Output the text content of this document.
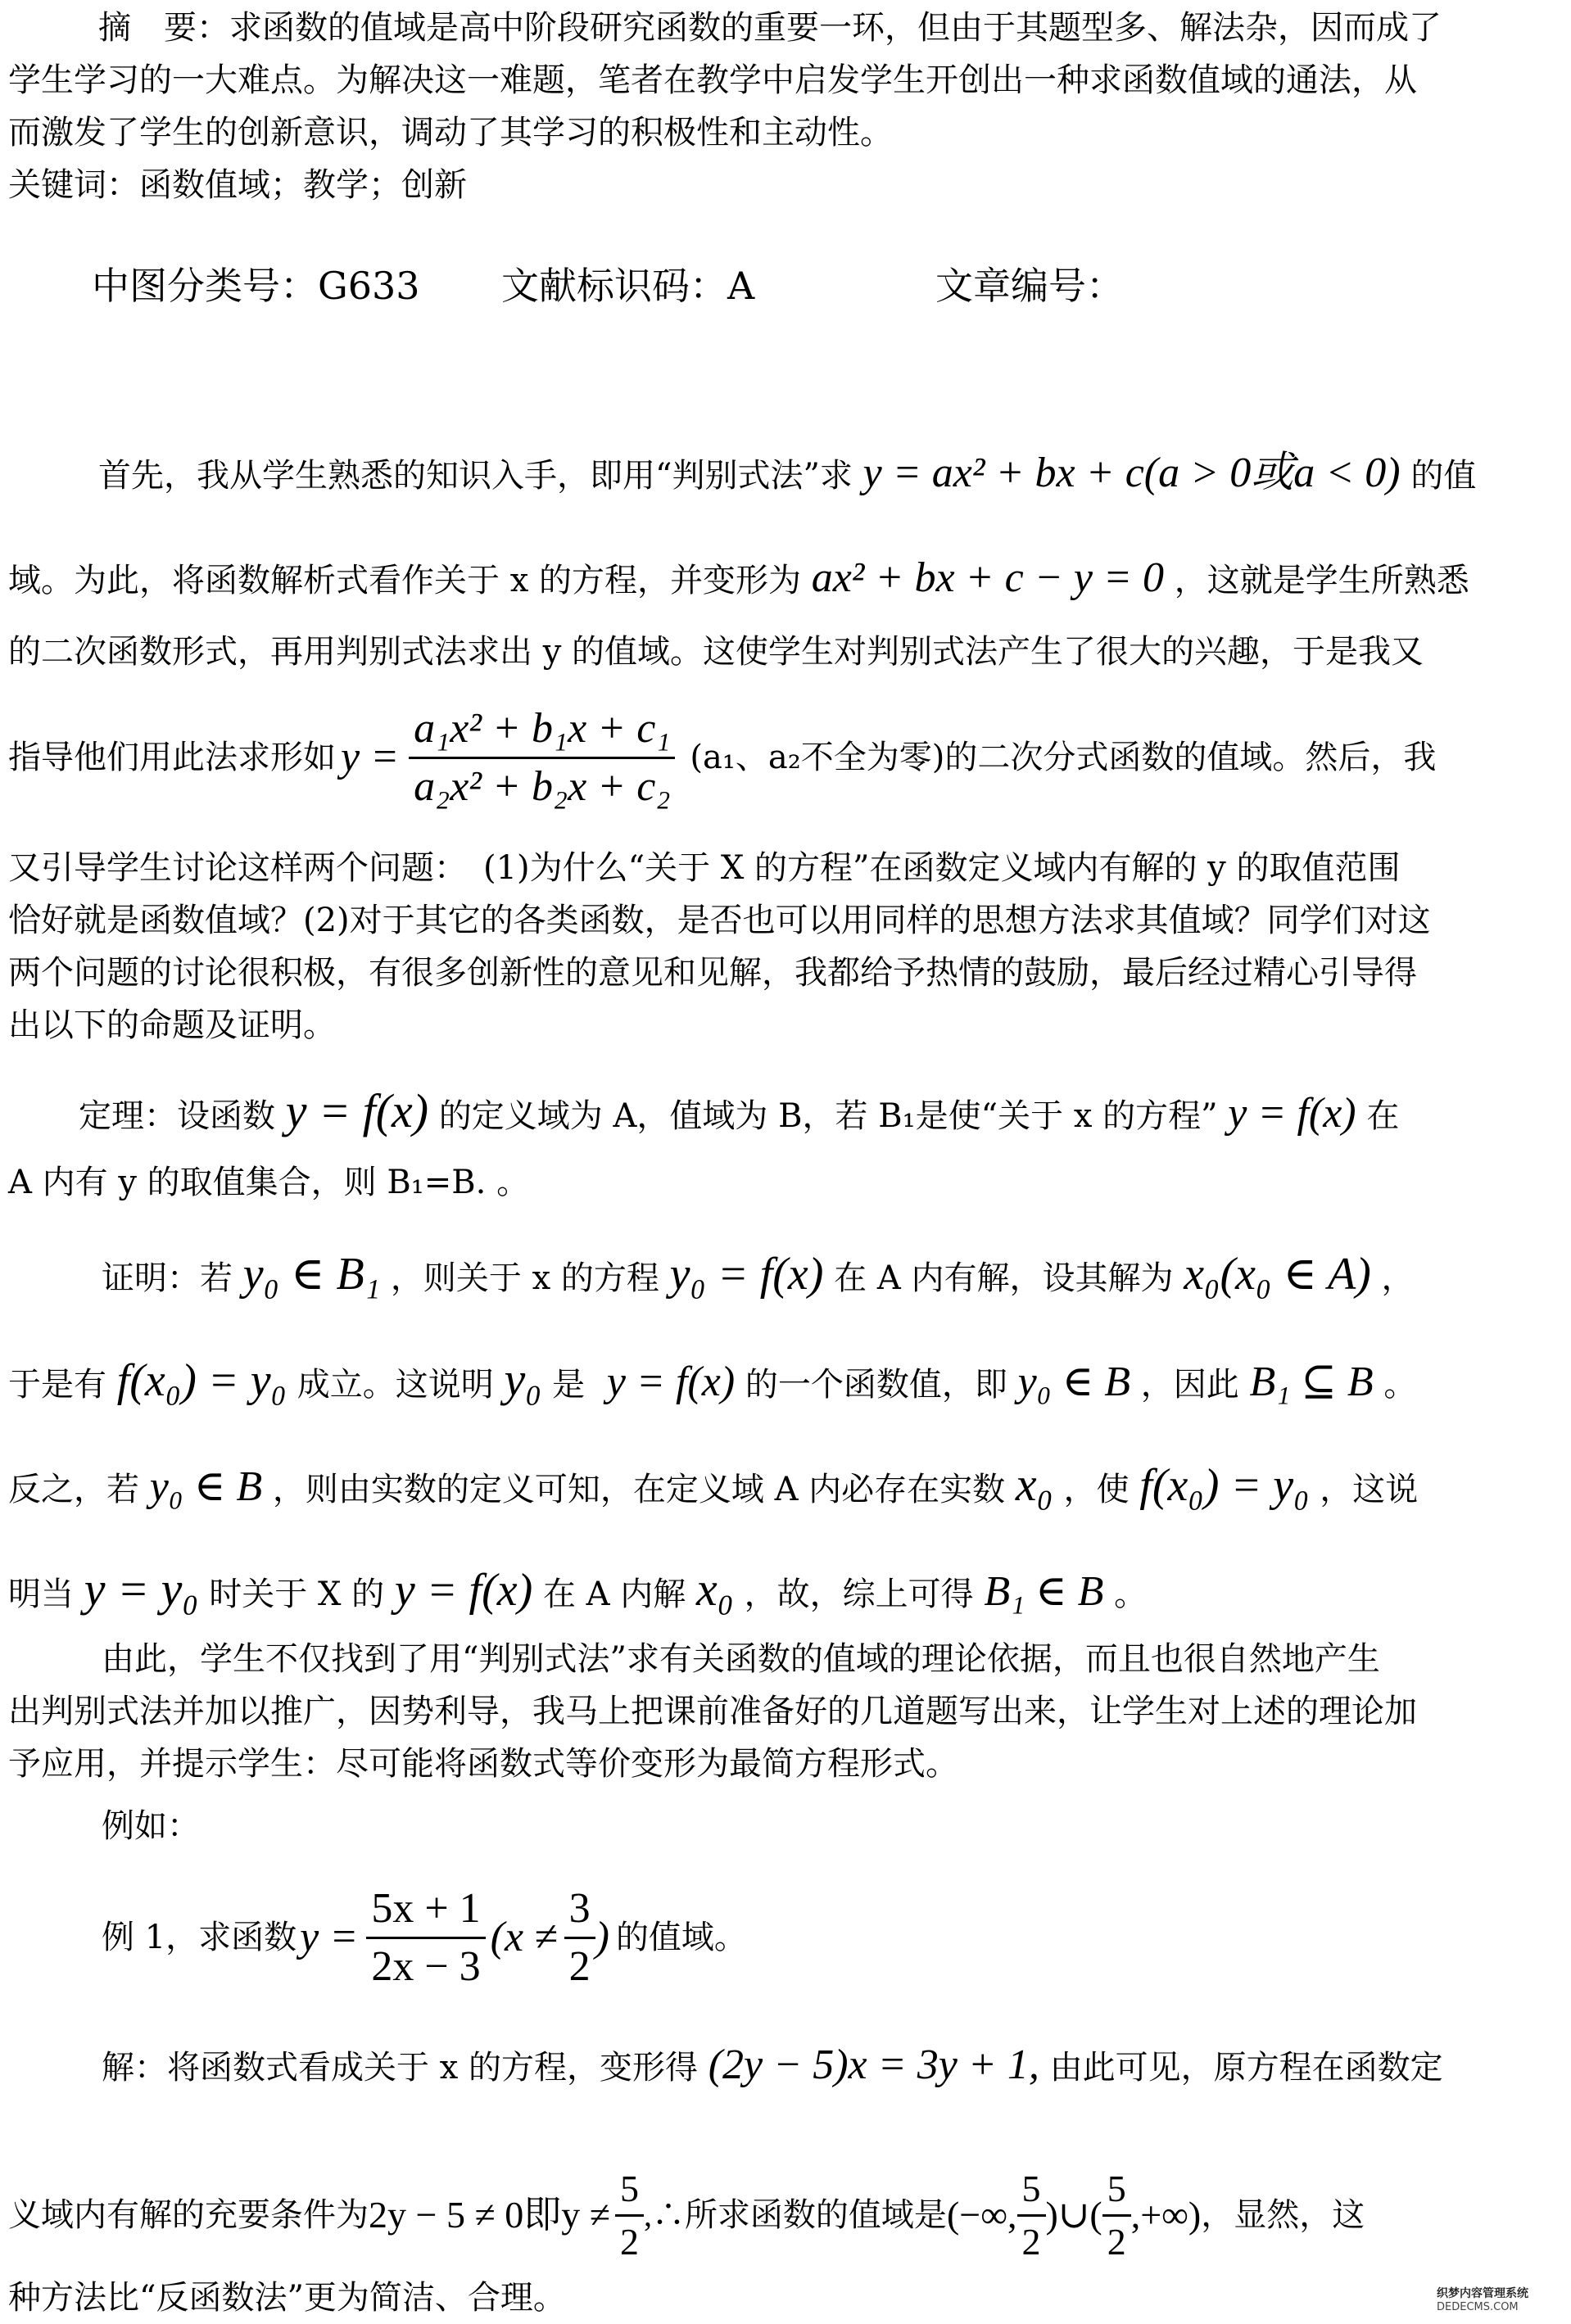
摘　要：求函数的值域是高中阶段研究函数的重要一环，但由于其题型多、解法杂，因而成了
学生学习的一大难点。为解决这一难题，笔者在教学中启发学生开创出一种求函数值域的通法，从
而激发了学生的创新意识，调动了其学习的积极性和主动性。
关键词：函数值域；教学；创新
中图分类号：G633 文献标识码：A	文章编号：
首先，我从学生熟悉的知识入手，即用“判别式法”求 y = ax² + bx + c(a > 0或a < 0) 的值
域。为此，将函数解析式看作关于 x 的方程，并变形为 ax² + bx + c − y = 0 ，这就是学生所熟悉
的二次函数形式，再用判别式法求出 y 的值域。这使学生对判别式法产生了很大的兴趣，于是我又
指导他们用此法求形如 $y = \frac{\text{a₁x² + b₁x + c₁}}{\text{a₂x² + b₂x + c₂}} (a_1$、a₂不全为零)的二次分式函数的值域。然后，我
又引导学生讨论这样两个问题：　(1)为什么“关于 X 的方程”在函数定义域内有解的 y 的取值范围
恰好就是函数值域？(2)对于其它的各类函数，是否也可以用同样的思想方法求其值域？同学们对这
两个问题的讨论很积极，有很多创新性的意见和见解，我都给予热情的鼓励，最后经过精心引导得
出以下的命题及证明。
定理：设函数 y = f(x) 的定义域为 A，值域为 B，若 B₁是使“关于 x 的方程” y = f(x) 在
A 内有 y 的取值集合，则 B₁=B. 。
证明：若 y₀ ∈ B₁ ，则关于 x 的方程 y₀ = f(x) 在 A 内有解，设其解为 x₀(x₀ ∈ A) ，
于是有 f(x₀) = y₀ 成立。这说明 y₀ 是 y = f(x) 的一个函数值，即 y₀ ∈ B ，因此 B₁ ⊆ B 。
反之，若 y₀ ∈ B ，则由实数的定义可知，在定义域 A 内必存在实数 x₀ ，使 f(x₀) = y₀ ，这说
明当 y = y₀ 时关于 X 的 y = f(x) 在 A 内解 x₀ ，故，综上可得 B₁ ∈ B 。
由此，学生不仅找到了用“判别式法”求有关函数的值域的理论依据，而且也很自然地产生
出判别式法并加以推广，因势利导，我马上把课前准备好的几道题写出来，让学生对上述的理论加
予应用，并提示学生：尽可能将函数式等价变形为最简方程形式。
例如：
例 1，求函数 $y = \frac{5x + 1}{2x - 3} (x \ne \frac{3}{2}$ ) 的值域。
解：将函数式看成关于 x 的方程，变形得 (2y − 5)x = 3y + 1, 由此可见，原方程在函数定
义域内有解的充要条件为 2y − 5 ≠ 0即$y \ne \frac{5}{2}$ ,∴所求函数的值域是 (−∞, $\frac{5}{2}$ )∪( $\frac{5}{2}$ ,+∞) ，显然，这
种方法比“反函数法”更为简洁、合理。	织梦内容管理系统
DEDECMS.COM
